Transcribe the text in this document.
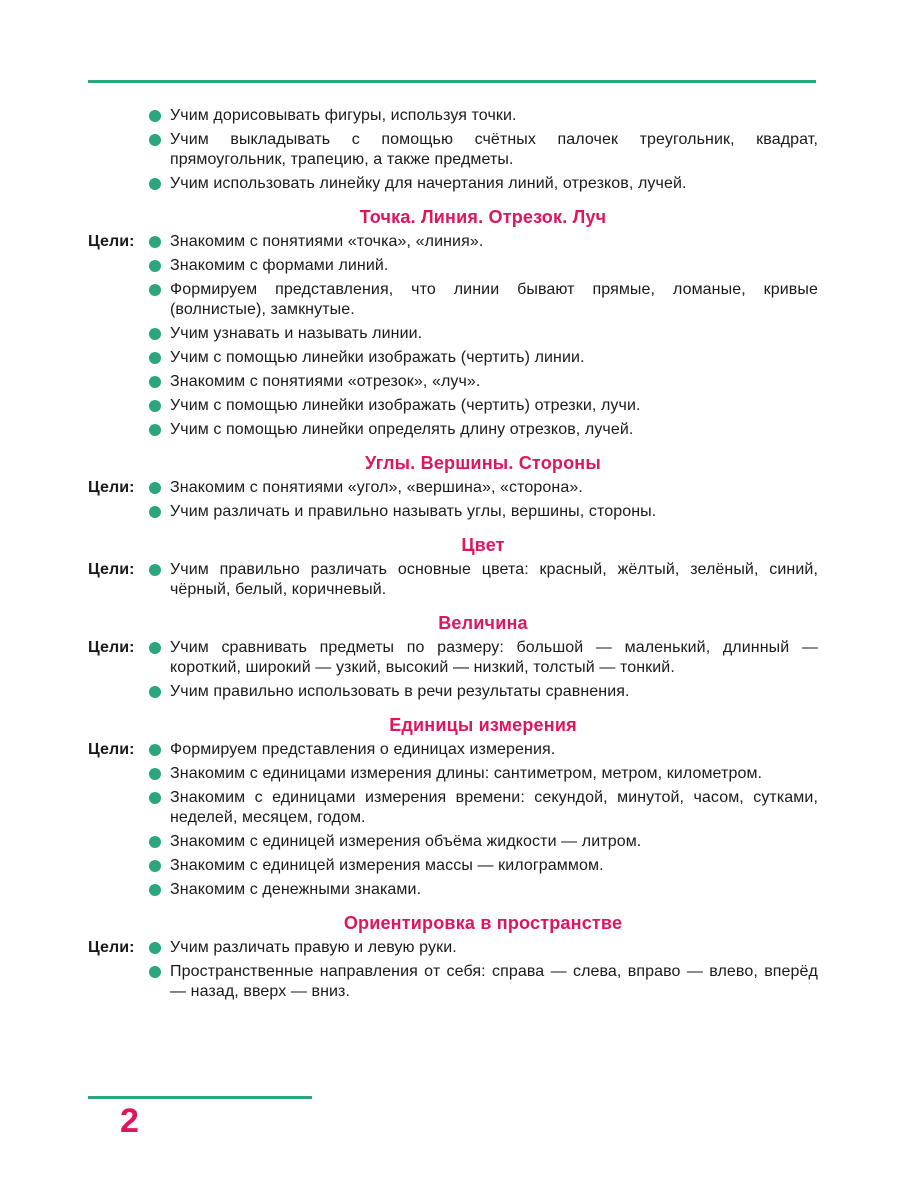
Учим дорисовывать фигуры, используя точки.
Учим выкладывать с помощью счётных палочек треугольник, квадрат, прямоугольник, трапецию, а также предметы.
Учим использовать линейку для начертания линий, отрезков, лучей.
Точка. Линия. Отрезок. Луч
Цели: Знакомим с понятиями «точка», «линия».
Знакомим с формами линий.
Формируем представления, что линии бывают прямые, ломаные, кривые (волнистые), замкнутые.
Учим узнавать и называть линии.
Учим с помощью линейки изображать (чертить) линии.
Знакомим с понятиями «отрезок», «луч».
Учим с помощью линейки изображать (чертить) отрезки, лучи.
Учим с помощью линейки определять длину отрезков, лучей.
Углы. Вершины. Стороны
Цели: Знакомим с понятиями «угол», «вершина», «сторона».
Учим различать и правильно называть углы, вершины, стороны.
Цвет
Цели: Учим правильно различать основные цвета: красный, жёлтый, зелёный, синий, чёрный, белый, коричневый.
Величина
Цели: Учим сравнивать предметы по размеру: большой — маленький, длинный — короткий, широкий — узкий, высокий — низкий, толстый — тонкий.
Учим правильно использовать в речи результаты сравнения.
Единицы измерения
Цели: Формируем представления о единицах измерения.
Знакомим с единицами измерения длины: сантиметром, метром, километром.
Знакомим с единицами измерения времени: секундой, минутой, часом, сутками, неделей, месяцем, годом.
Знакомим с единицей измерения объёма жидкости — литром.
Знакомим с единицей измерения массы — килограммом.
Знакомим с денежными знаками.
Ориентировка в пространстве
Цели: Учим различать правую и левую руки.
Пространственные направления от себя: справа — слева, вправо — влево, вперёд — назад, вверх — вниз.
2
